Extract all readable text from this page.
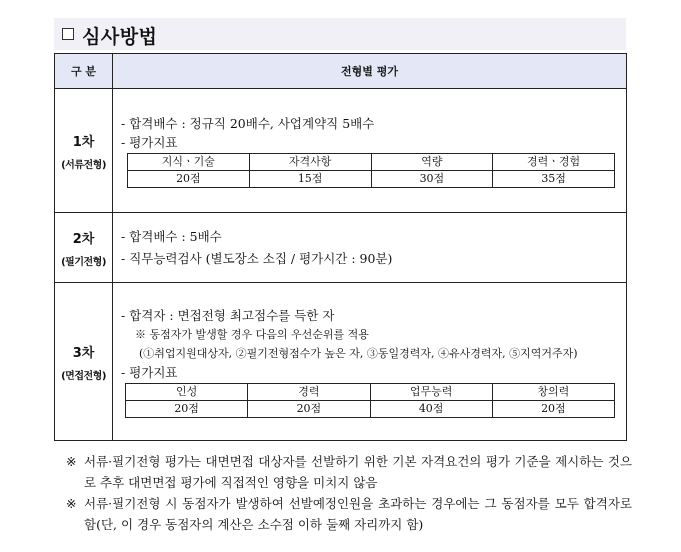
심사방법
구 분	전형별 평가

1차
(서류전형)

- 합격배수 : 정규직 20배수, 사업계약직 5배수
- 평가지표
지식ㆍ기술	자격사항	역량	경력ㆍ경험
20점	15점	30점	35점

2차
(필기전형)

- 합격배수 : 5배수
- 직무능력검사 (별도장소 소집 / 평가시간 : 90분)

3차
(면접전형)

- 합격자 : 면접전형 최고점수를 득한 자
※ 동점자가 발생할 경우 다음의 우선순위를 적용
(①취업지원대상자, ②필기전형점수가 높은 자, ③동일경력자, ④유사경력자, ⑤지역거주자)
- 평가지표
인성	경력	업무능력	창의력
20점	20점	40점	20점
※ 서류·필기전형 평가는 대면면접 대상자를 선발하기 위한 기본 자격요건의 평가 기준을 제시하는 것으로 추후 대면면접 평가에 직접적인 영향을 미치지 않음
※ 서류·필기전형 시 동점자가 발생하여 선발예정인원을 초과하는 경우에는 그 동점자를 모두 합격자로 함(단, 이 경우 동점자의 계산은 소수점 이하 둘째 자리까지 함)
